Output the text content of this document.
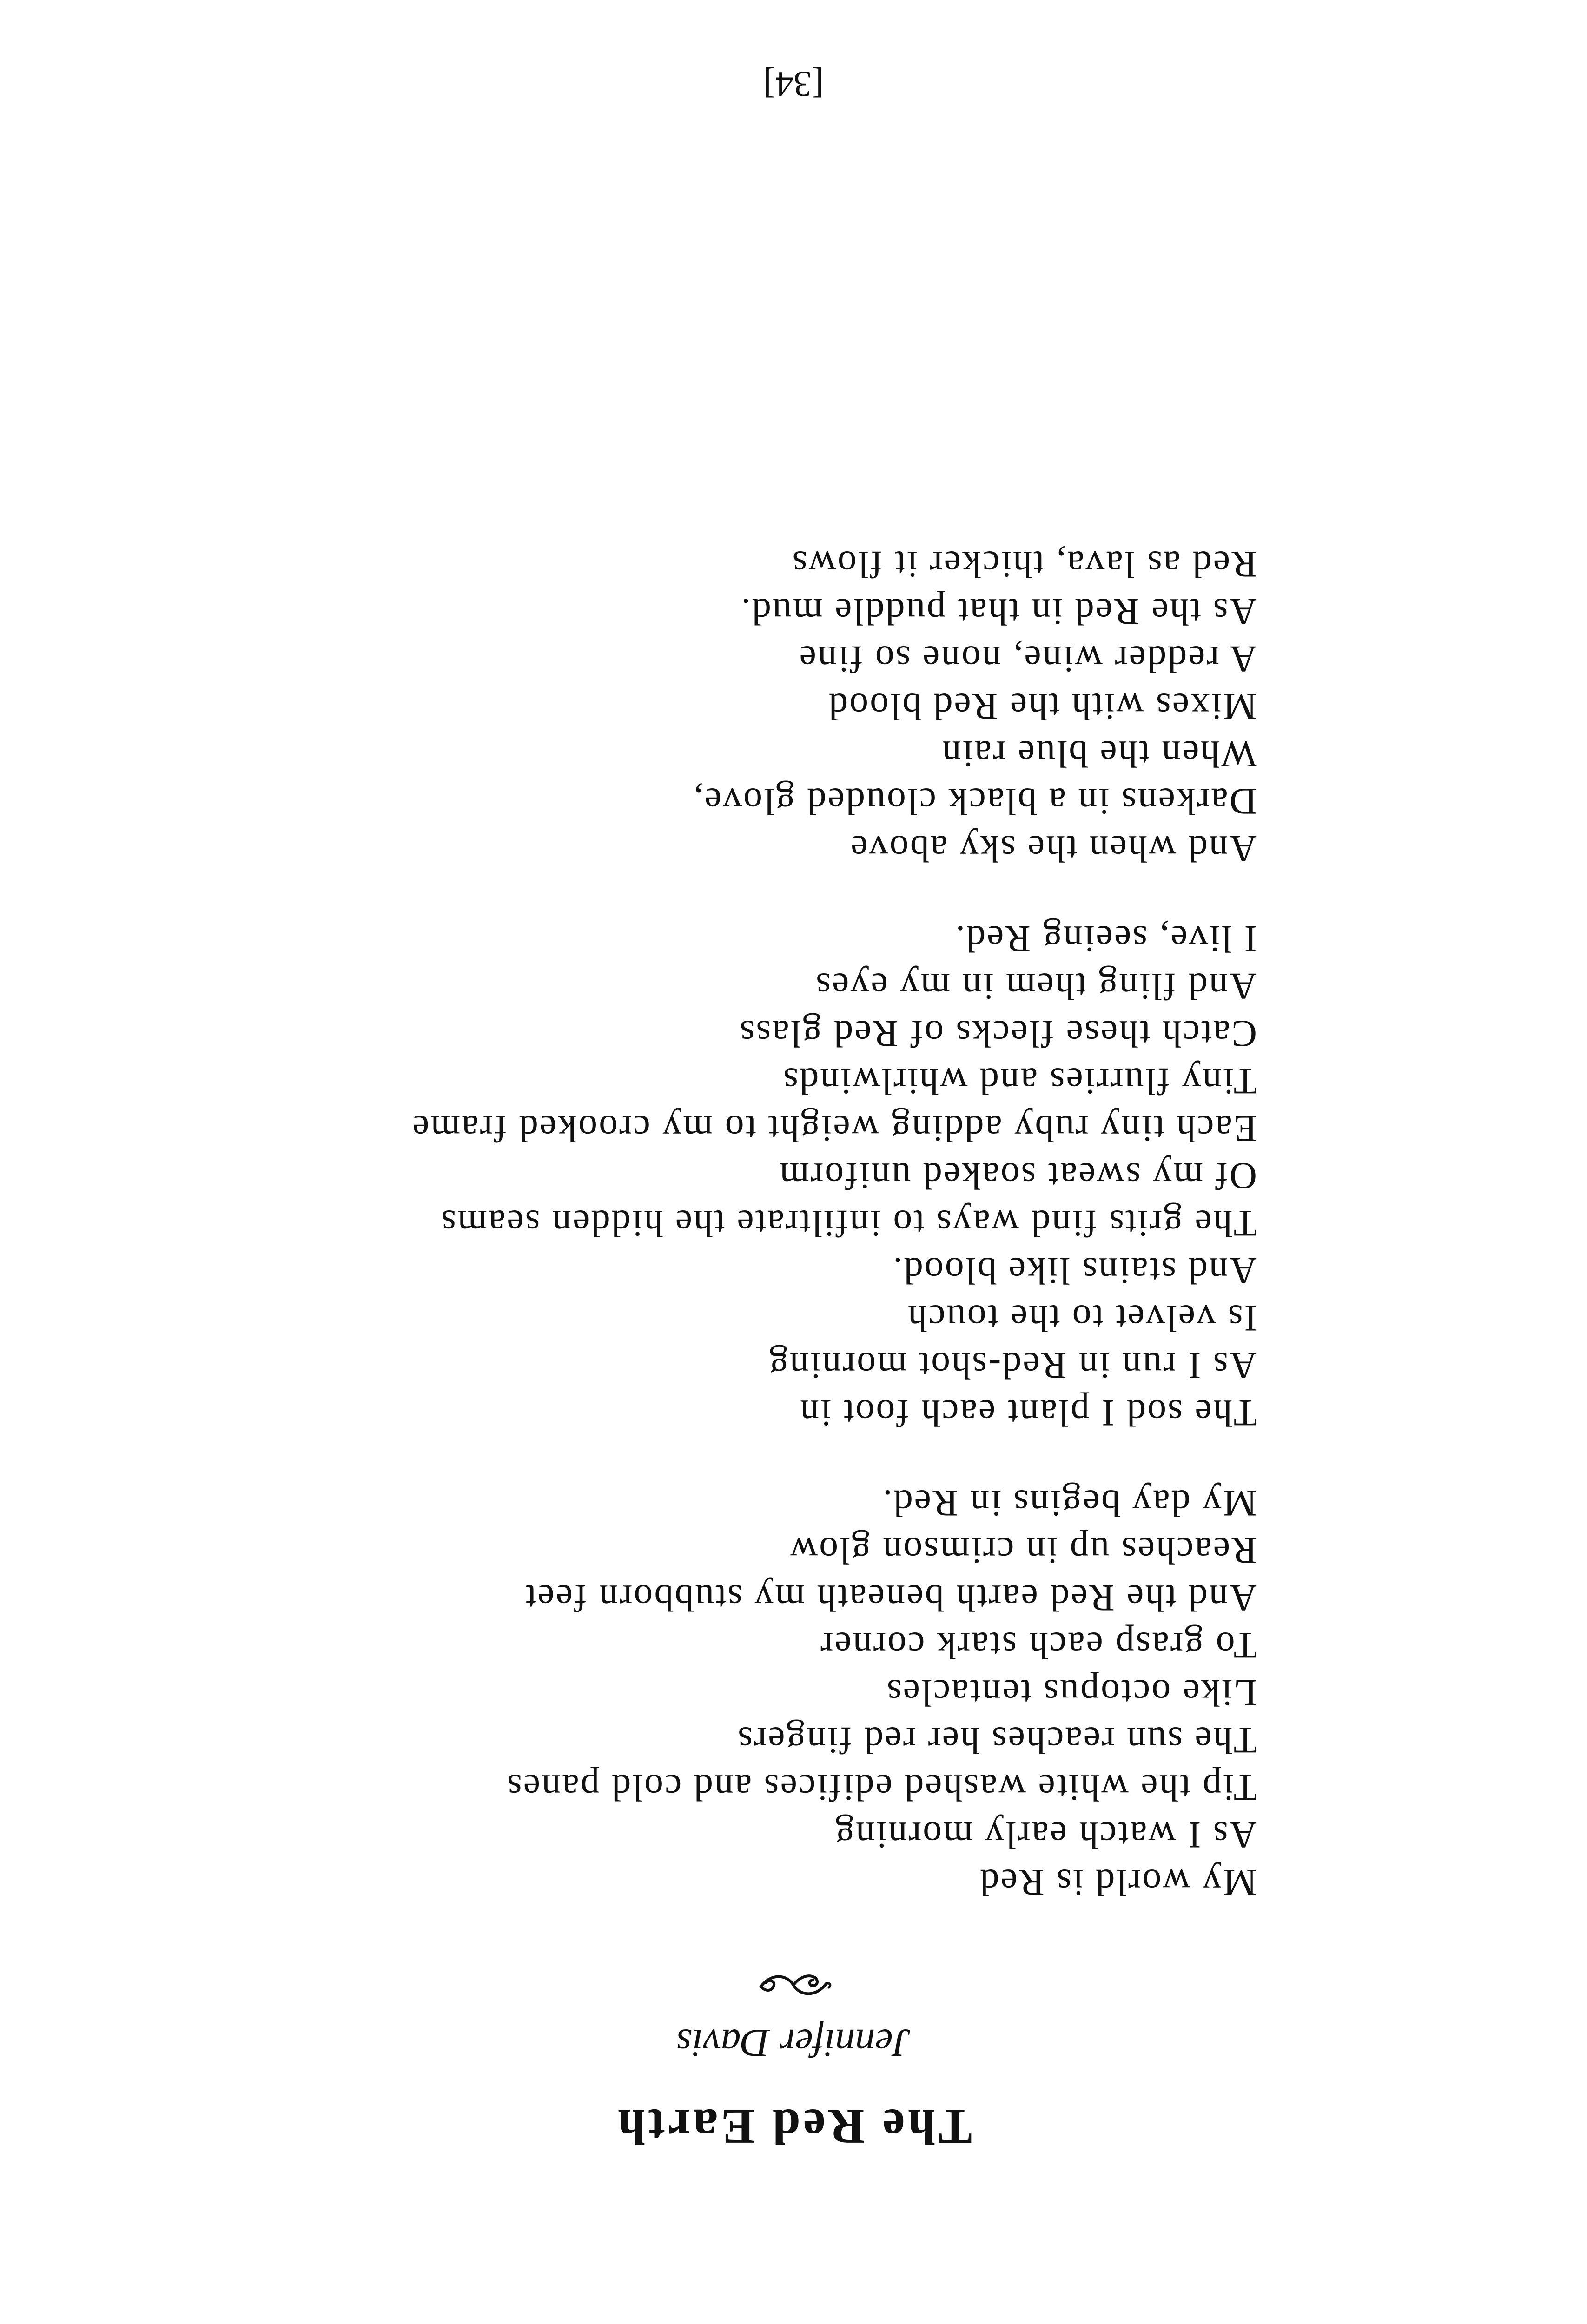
The Red Earth

Jennifer Davis

My world is Red
As I watch early morning
Tip the white washed edifices and cold panes
The sun reaches her red fingers
Like octopus tentacles
To grasp each stark corner
And the Red earth beneath my stubborn feet
Reaches up in crimson glow
My day begins in Red.
The sod I plant each foot in
As I run in Red-shot morning
Is velvet to the touch
And stains like blood.
The grits find ways to infiltrate the hidden seams
Of my sweat soaked uniform
Each tiny ruby adding weight to my crooked frame
Tiny flurries and whirlwinds
Catch these flecks of Red glass
And fling them in my eyes
I live, seeing Red.
And when the sky above
Darkens in a black clouded glove,
When the blue rain
Mixes with the Red blood
A redder wine, none so fine
As the Red in that puddle mud.
Red as lava, thicker it flows
[34]
